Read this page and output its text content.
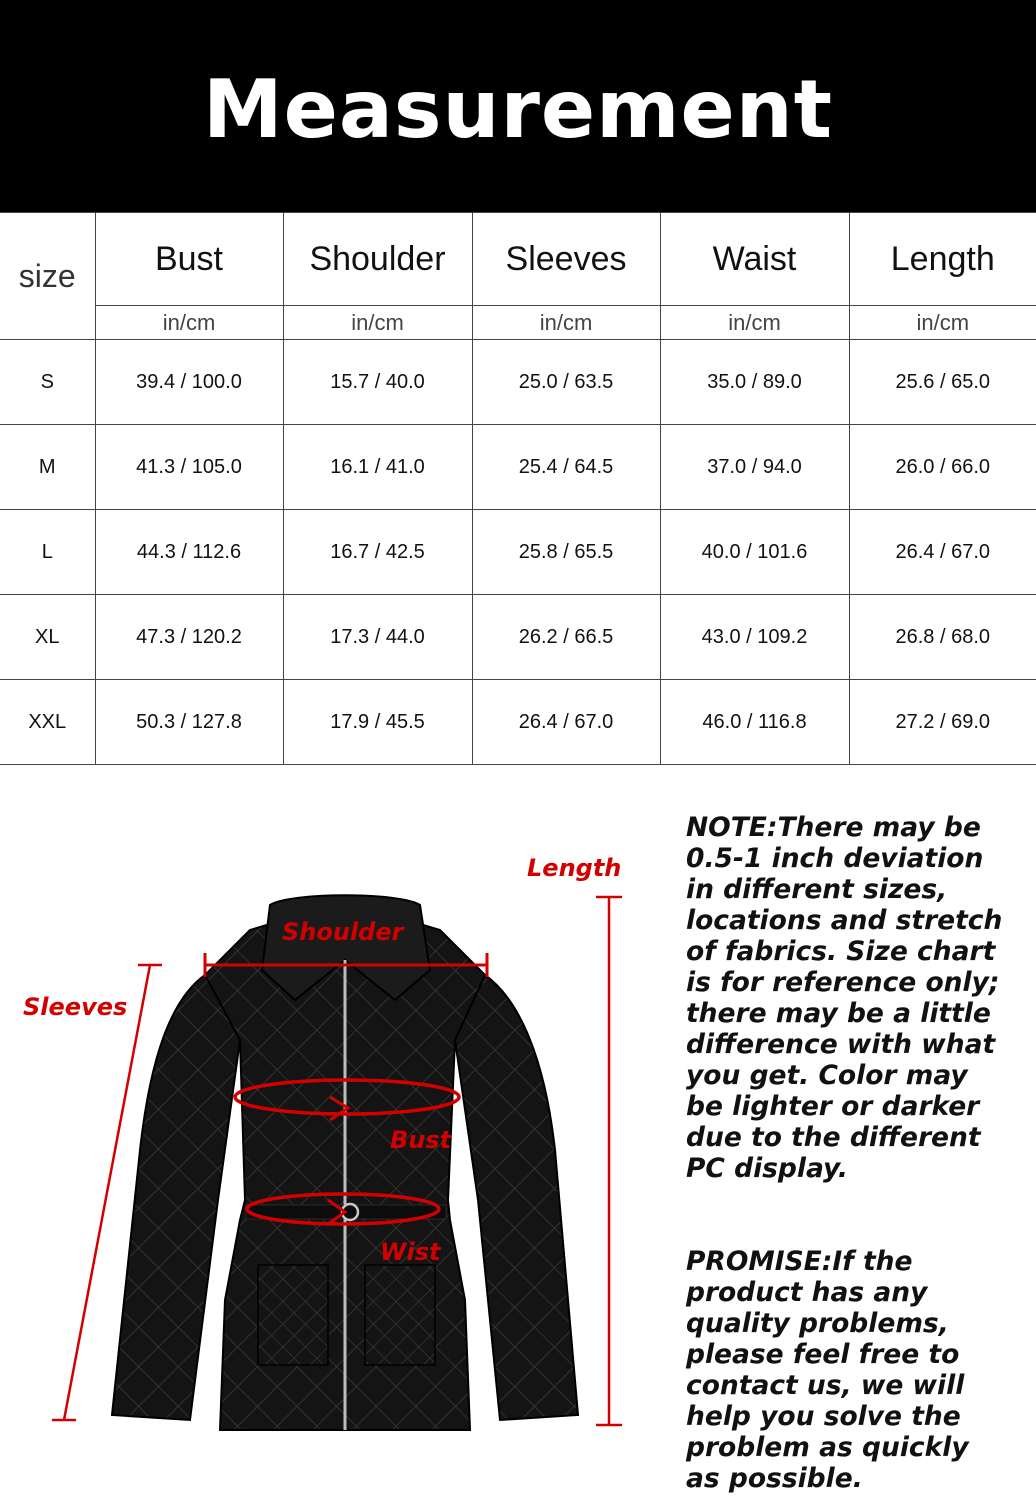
Measurement
size	Bust	Shoulder	Sleeves	Waist	Length
	in/cm	in/cm	in/cm	in/cm	in/cm
S	39.4 / 100.0	15.7 / 40.0	25.0 / 63.5	35.0 / 89.0	25.6 / 65.0
M	41.3 / 105.0	16.1 / 41.0	25.4 / 64.5	37.0 / 94.0	26.0 / 66.0
L	44.3 / 112.6	16.7 / 42.5	25.8 / 65.5	40.0 / 101.6	26.4 / 67.0
XL	47.3 / 120.2	17.3 / 44.0	26.2 / 66.5	43.0 / 109.2	26.8 / 68.0
XXL	50.3 / 127.8	17.9 / 45.5	26.4 / 67.0	46.0 / 116.8	27.2 / 69.0
Sleeves
Length
Shoulder
Bust
Wist

NOTE:There may be
0.5-1 inch deviation
in different sizes,
locations and stretch
of fabrics. Size chart
is for reference only;
there may be a little
difference with what
you get. Color may
be lighter or darker
due to the different
PC display.

PROMISE:If the
product has any
quality problems,
please feel free to
contact us, we will
help you solve the
problem as quickly
as possible.
